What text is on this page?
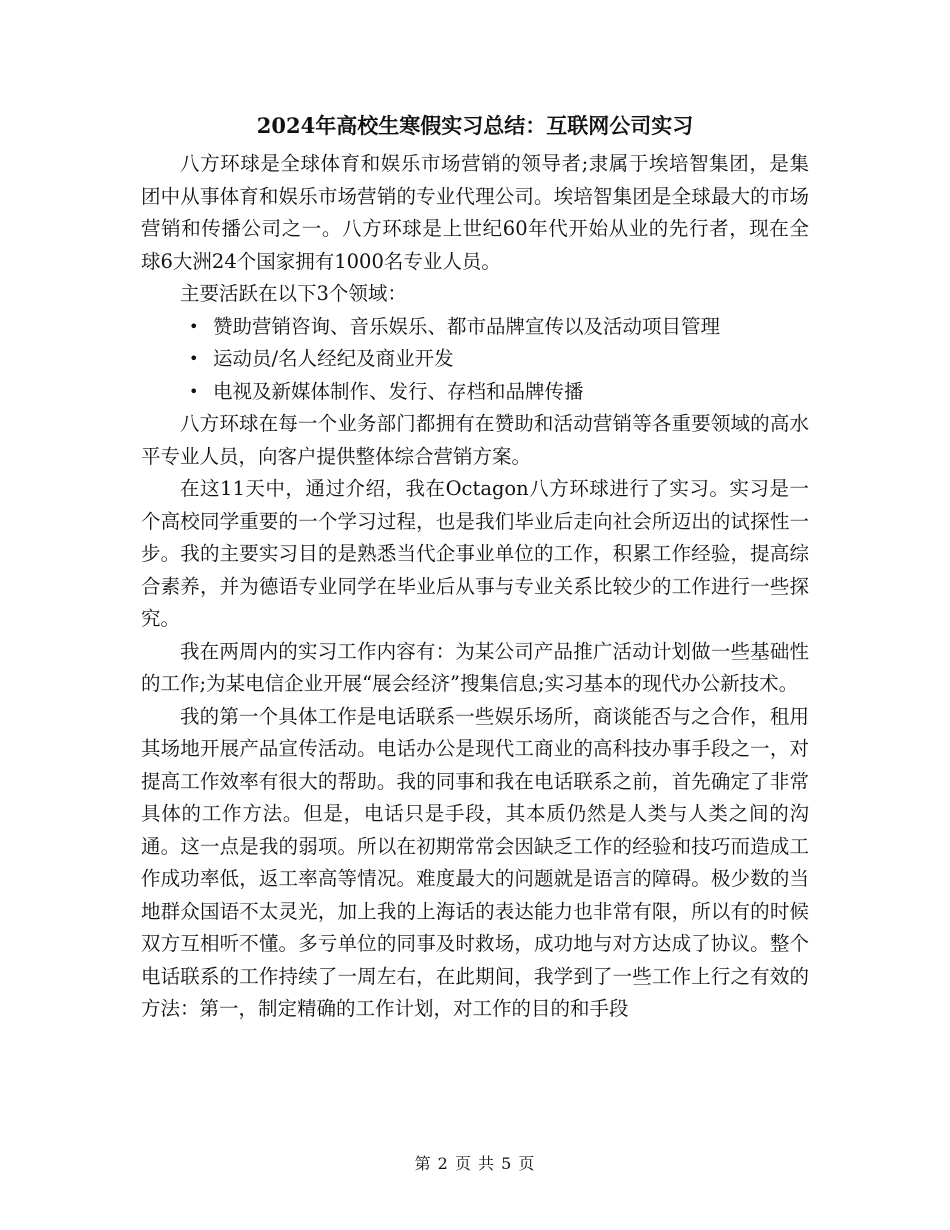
2024年高校生寒假实习总结：互联网公司实习

八方环球是全球体育和娱乐市场营销的领导者;隶属于埃培智集团，是集团中从事体育和娱乐市场营销的专业代理公司。埃培智集团是全球最大的市场营销和传播公司之一。八方环球是上世纪60年代开始从业的先行者，现在全球6大洲24个国家拥有1000名专业人员。

主要活跃在以下3个领域：

• 赞助营销咨询、音乐娱乐、都市品牌宣传以及活动项目管理
• 运动员/名人经纪及商业开发
• 电视及新媒体制作、发行、存档和品牌传播

八方环球在每一个业务部门都拥有在赞助和活动营销等各重要领域的高水平专业人员，向客户提供整体综合营销方案。

在这11天中，通过介绍，我在Octagon八方环球进行了实习。实习是一个高校同学重要的一个学习过程，也是我们毕业后走向社会所迈出的试探性一步。我的主要实习目的是熟悉当代企事业单位的工作，积累工作经验，提高综合素养，并为德语专业同学在毕业后从事与专业关系比较少的工作进行一些探究。

我在两周内的实习工作内容有：为某公司产品推广活动计划做一些基础性的工作;为某电信企业开展“展会经济”搜集信息;实习基本的现代办公新技术。

我的第一个具体工作是电话联系一些娱乐场所，商谈能否与之合作，租用其场地开展产品宣传活动。电话办公是现代工商业的高科技办事手段之一，对提高工作效率有很大的帮助。我的同事和我在电话联系之前，首先确定了非常具体的工作方法。但是，电话只是手段，其本质仍然是人类与人类之间的沟通。这一点是我的弱项。所以在初期常常会因缺乏工作的经验和技巧而造成工作成功率低，返工率高等情况。难度最大的问题就是语言的障碍。极少数的当地群众国语不太灵光，加上我的上海话的表达能力也非常有限，所以有的时候双方互相听不懂。多亏单位的同事及时救场，成功地与对方达成了协议。整个电话联系的工作持续了一周左右，在此期间，我学到了一些工作上行之有效的方法：第一，制定精确的工作计划，对工作的目的和手段

第 2 页 共 5 页
